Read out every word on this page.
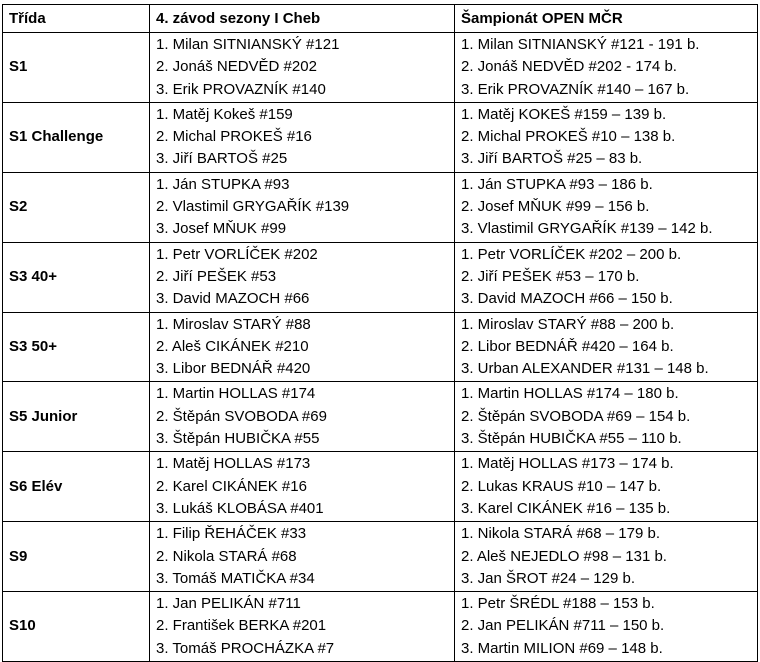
Třída	4. závod sezony I Cheb	Šampionát OPEN MČR
S1	1. Milan SITNIANSKÝ #121
2. Jonáš NEDVĚD #202
3. Erik PROVAZNÍK #140	1. Milan SITNIANSKÝ #121 - 191 b.
2. Jonáš NEDVĚD #202 - 174 b.
3. Erik PROVAZNÍK #140 – 167 b.

S1 Challenge	1. Matěj Kokeš #159
2. Michal PROKEŠ #16
3. Jiří BARTOŠ #25	1. Matěj KOKEŠ #159 – 139 b.
2. Michal PROKEŠ #10 – 138 b.
3. Jiří BARTOŠ #25 – 83 b.

S2	1. Ján STUPKA #93
2. Vlastimil GRYGAŘÍK #139
3. Josef MŇUK #99	1. Ján STUPKA #93 – 186 b.
2. Josef MŇUK #99 – 156 b.
3. Vlastimil GRYGAŘÍK #139 – 142 b.

S3 40+	1. Petr VORLÍČEK #202
2. Jiří PEŠEK #53
3. David MAZOCH #66	1. Petr VORLÍČEK #202 – 200 b.
2. Jiří PEŠEK #53 – 170 b.
3. David MAZOCH #66 – 150 b.

S3 50+	1. Miroslav STARÝ #88
2. Aleš CIKÁNEK #210
3. Libor BEDNÁŘ #420	1. Miroslav STARÝ #88 – 200 b.
2. Libor BEDNÁŘ #420 – 164 b.
3. Urban ALEXANDER #131 – 148 b.

S5 Junior	1. Martin HOLLAS #174
2. Štěpán SVOBODA #69
3. Štěpán HUBIČKA #55	1. Martin HOLLAS #174 – 180 b.
2. Štěpán SVOBODA #69 – 154 b.
3. Štěpán HUBIČKA #55 – 110 b.

S6 Elév	1. Matěj HOLLAS #173
2. Karel CIKÁNEK #16
3. Lukáš KLOBÁSA #401	1. Matěj HOLLAS #173 – 174 b.
2. Lukas KRAUS #10 – 147 b.
3. Karel CIKÁNEK #16 – 135 b.

S9	1. Filip ŘEHÁČEK #33
2. Nikola STARÁ #68
3. Tomáš MATIČKA #34	1. Nikola STARÁ #68 – 179 b.
2. Aleš NEJEDLO #98 – 131 b.
3. Jan ŠROT #24 – 129 b.

S10	1. Jan PELIKÁN #711
2. František BERKA #201
3. Tomáš PROCHÁZKA #7	1. Petr ŠRÉDL #188 – 153 b.
2. Jan PELIKÁN #711 – 150 b.
3. Martin MILION #69 – 148 b.
